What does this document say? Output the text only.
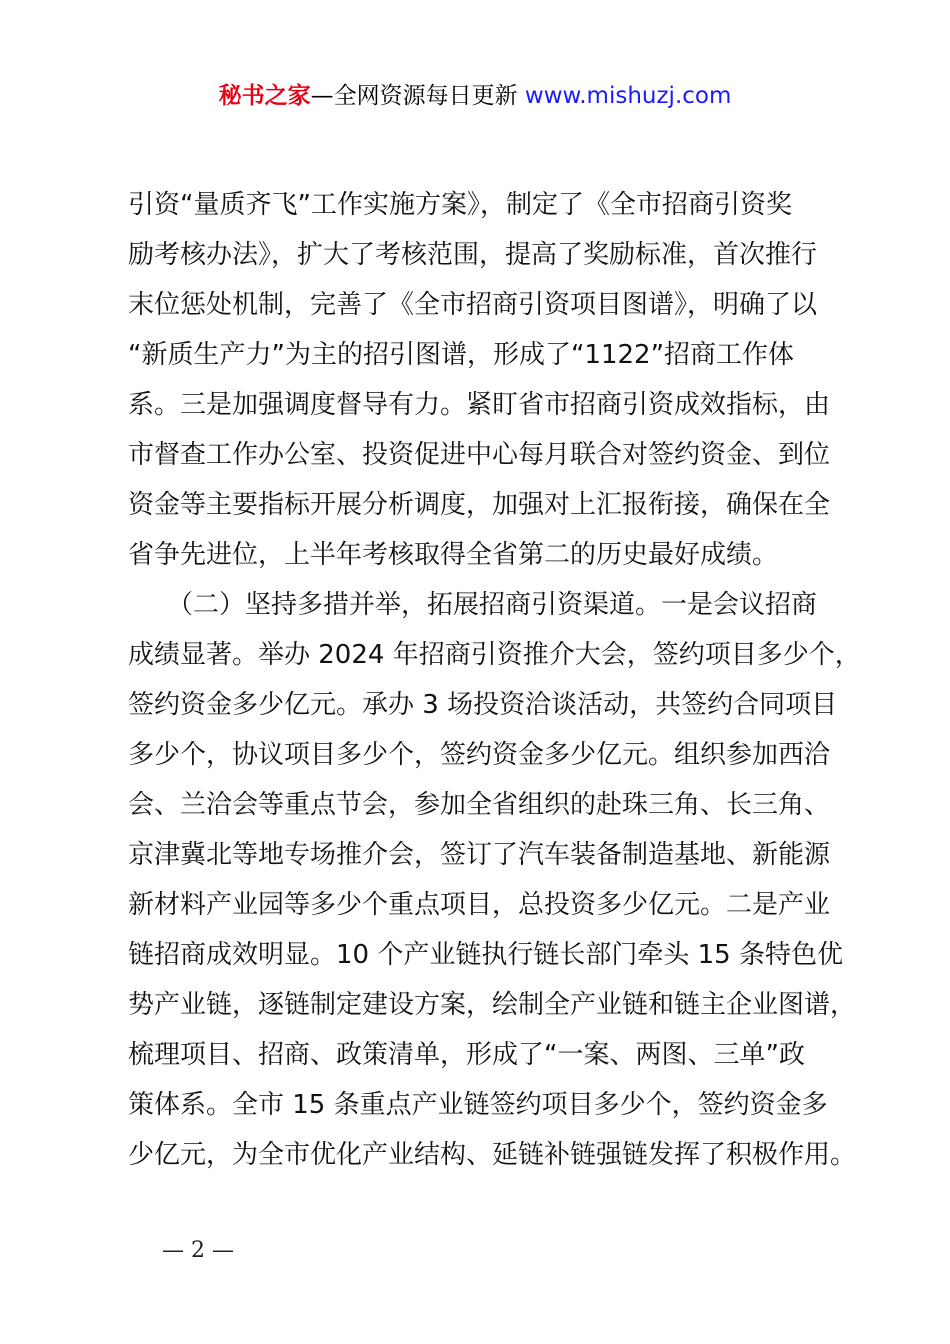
秘书之家—全网资源每日更新 www.mishuzj.com
引资“量质齐飞”工作实施方案》，制定了《全市招商引资奖
励考核办法》，扩大了考核范围，提高了奖励标准，首次推行
末位惩处机制，完善了《全市招商引资项目图谱》，明确了以
“新质生产力”为主的招引图谱，形成了“1122”招商工作体
系。三是加强调度督导有力。紧盯省市招商引资成效指标，由
市督查工作办公室、投资促进中心每月联合对签约资金、到位
资金等主要指标开展分析调度，加强对上汇报衔接，确保在全
省争先进位，上半年考核取得全省第二的历史最好成绩。
　　（二）坚持多措并举，拓展招商引资渠道。一是会议招商
成绩显著。举办 2024 年招商引资推介大会，签约项目多少个，
签约资金多少亿元。承办 3 场投资洽谈活动，共签约合同项目
多少个，协议项目多少个，签约资金多少亿元。组织参加西洽
会、兰洽会等重点节会，参加全省组织的赴珠三角、长三角、
京津冀北等地专场推介会，签订了汽车装备制造基地、新能源
新材料产业园等多少个重点项目，总投资多少亿元。二是产业
链招商成效明显。10 个产业链执行链长部门牵头 15 条特色优
势产业链，逐链制定建设方案，绘制全产业链和链主企业图谱，
梳理项目、招商、政策清单，形成了“一案、两图、三单”政
策体系。全市 15 条重点产业链签约项目多少个，签约资金多
少亿元，为全市优化产业结构、延链补链强链发挥了积极作用。
— 2 —
